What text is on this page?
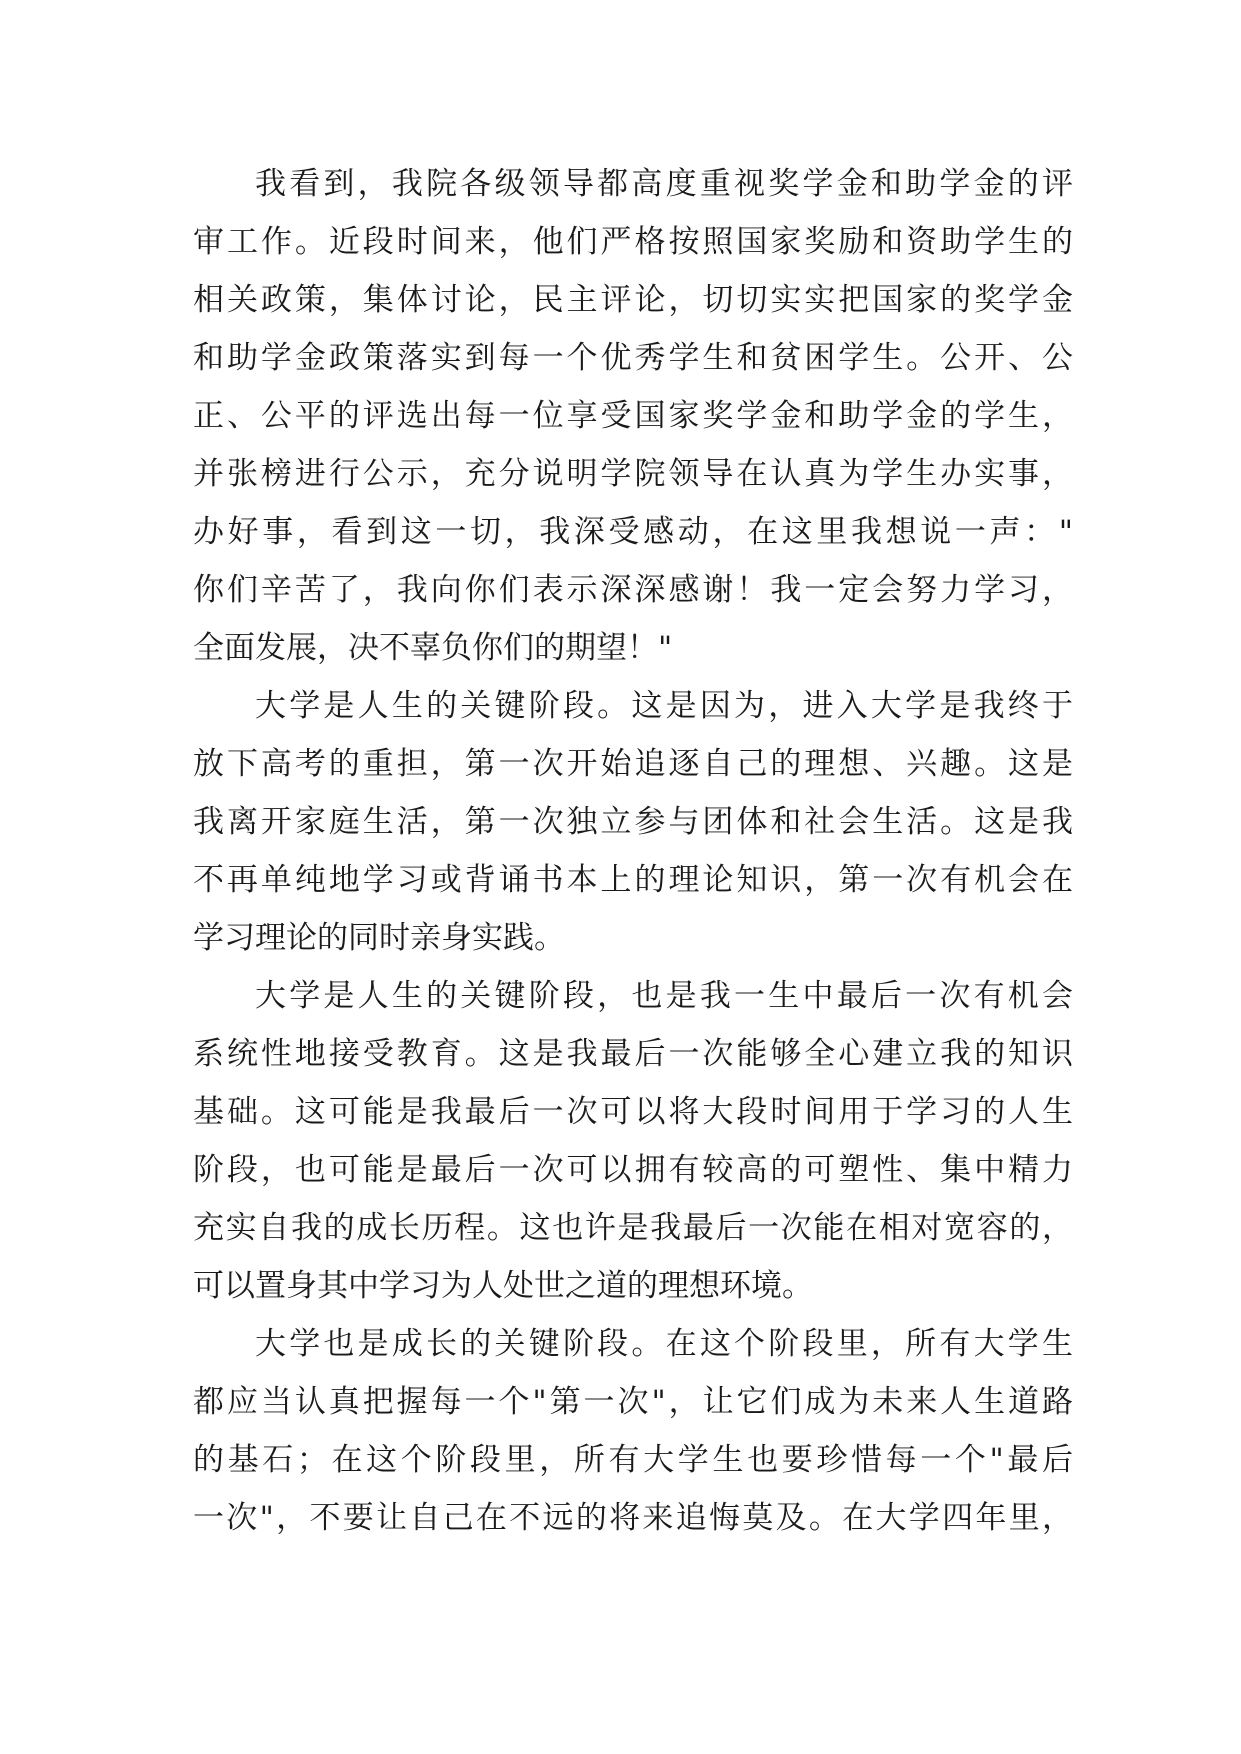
我看到，我院各级领导都高度重视奖学金和助学金的评
审工作。近段时间来，他们严格按照国家奖励和资助学生的
相关政策，集体讨论，民主评论，切切实实把国家的奖学金
和助学金政策落实到每一个优秀学生和贫困学生。公开、公
正、公平的评选出每一位享受国家奖学金和助学金的学生，
并张榜进行公示，充分说明学院领导在认真为学生办实事，
办好事，看到这一切，我深受感动，在这里我想说一声："
你们辛苦了，我向你们表示深深感谢！我一定会努力学习，
全面发展，决不辜负你们的期望！"
大学是人生的关键阶段。这是因为，进入大学是我终于
放下高考的重担，第一次开始追逐自己的理想、兴趣。这是
我离开家庭生活，第一次独立参与团体和社会生活。这是我
不再单纯地学习或背诵书本上的理论知识，第一次有机会在
学习理论的同时亲身实践。
大学是人生的关键阶段，也是我一生中最后一次有机会
系统性地接受教育。这是我最后一次能够全心建立我的知识
基础。这可能是我最后一次可以将大段时间用于学习的人生
阶段，也可能是最后一次可以拥有较高的可塑性、集中精力
充实自我的成长历程。这也许是我最后一次能在相对宽容的，
可以置身其中学习为人处世之道的理想环境。
大学也是成长的关键阶段。在这个阶段里，所有大学生
都应当认真把握每一个"第一次"，让它们成为未来人生道路
的基石；在这个阶段里，所有大学生也要珍惜每一个"最后
一次"，不要让自己在不远的将来追悔莫及。在大学四年里，
